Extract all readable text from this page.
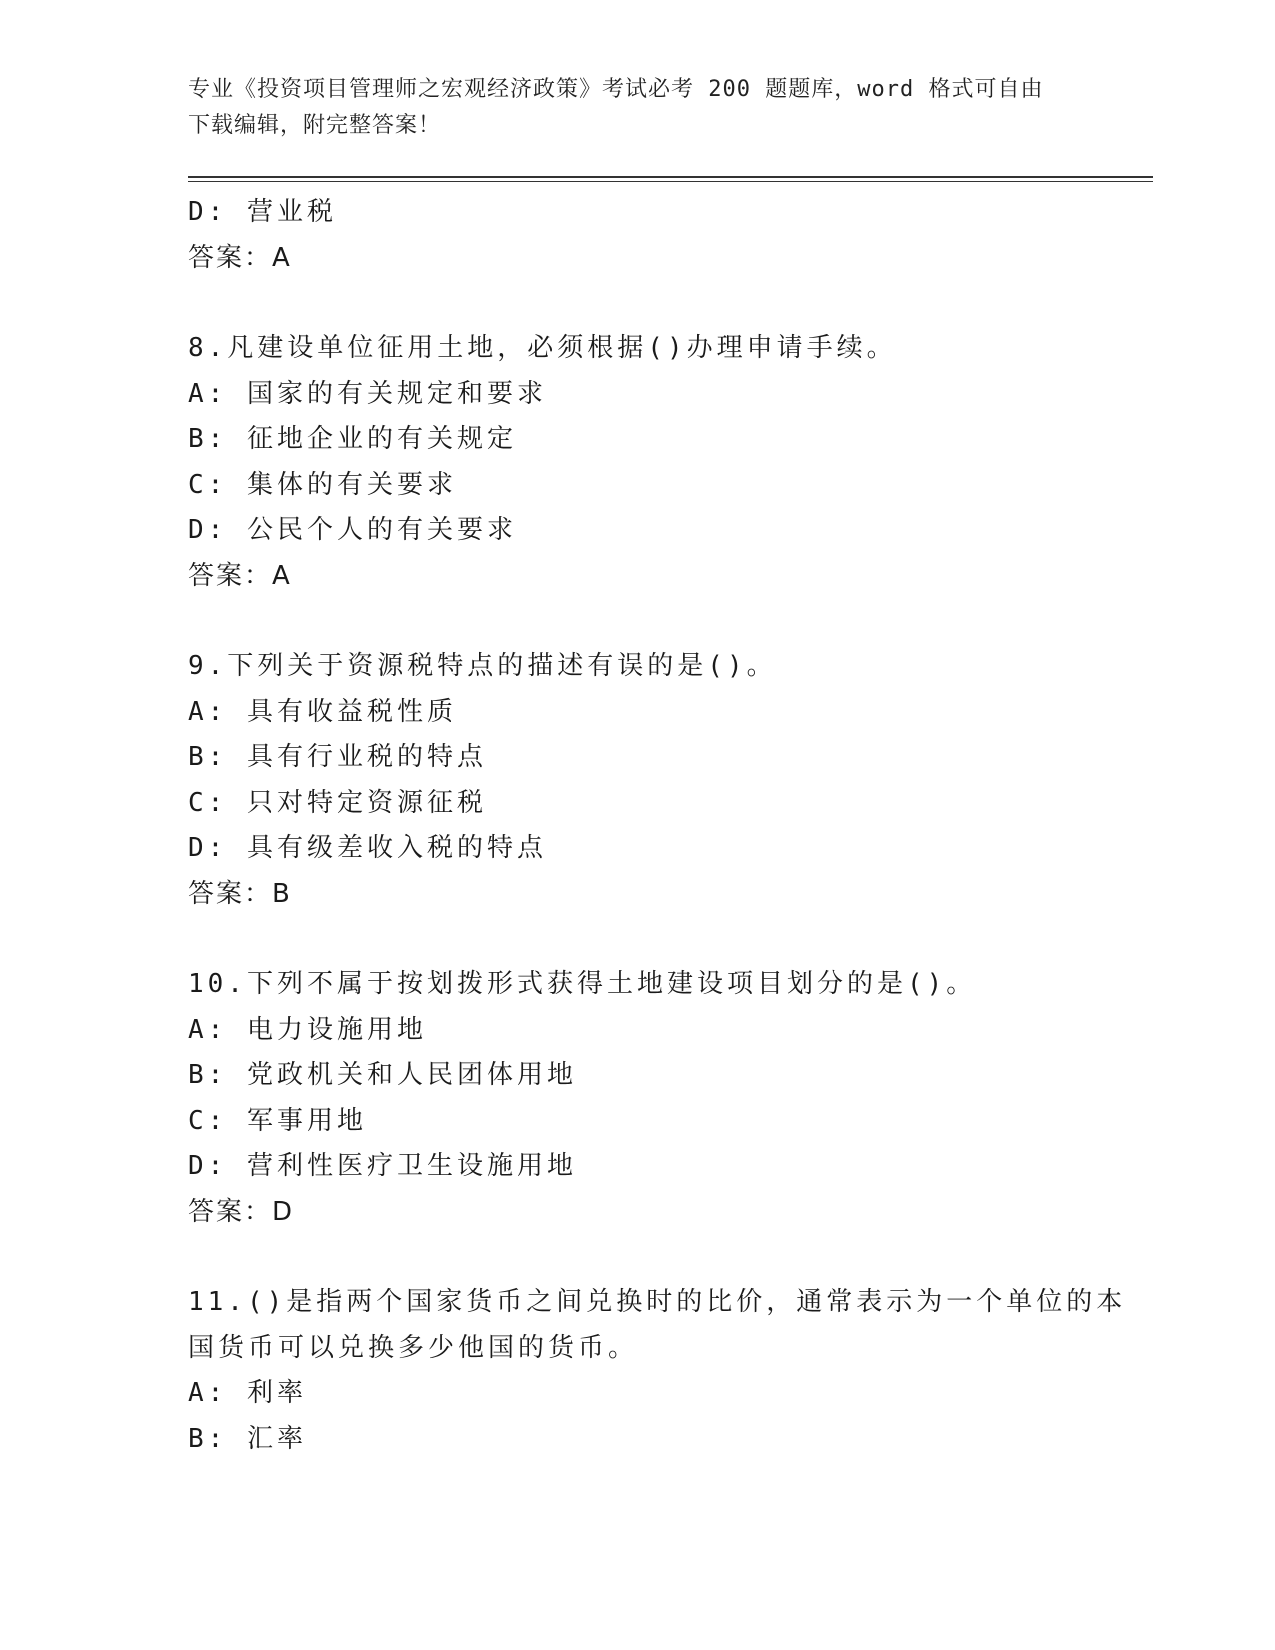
专业《投资项目管理师之宏观经济政策》考试必考 200 题题库，word 格式可自由
下载编辑，附完整答案！
D: 营业税
答案：A
8.凡建设单位征用土地，必须根据()办理申请手续。
A: 国家的有关规定和要求
B: 征地企业的有关规定
C: 集体的有关要求
D: 公民个人的有关要求
答案：A
9.下列关于资源税特点的描述有误的是()。
A: 具有收益税性质
B: 具有行业税的特点
C: 只对特定资源征税
D: 具有级差收入税的特点
答案：B
10.下列不属于按划拨形式获得土地建设项目划分的是()。
A: 电力设施用地
B: 党政机关和人民团体用地
C: 军事用地
D: 营利性医疗卫生设施用地
答案：D
11.()是指两个国家货币之间兑换时的比价，通常表示为一个单位的本
国货币可以兑换多少他国的货币。
A: 利率
B: 汇率
